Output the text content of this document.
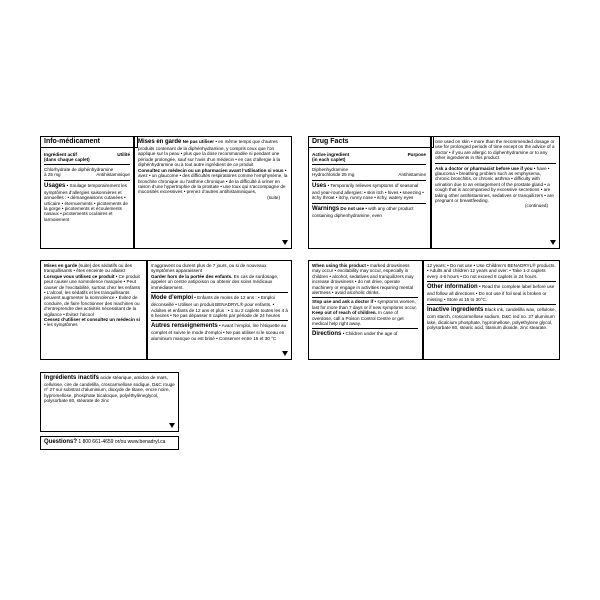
Info-médicament
Ingrédient actif	Utilité

(dans chaque caplet)

Chlorhydrate de diphénhydramine

à 25 mg	Antihistaminique

Usages • Soulage temporairement les symptômes d’allergies saisonnières et annuelles : • démangeaisons cutanées • urticaire • éternuements • picotements de la gorge • picotements et écoulements nasaux • picotements oculaires et larmoiement

Mises en garde Ne pas utiliser • en même temps que d’autres produits contenant de la diphénhydramine, y compris ceux que l’on applique sur la peau • plus que la dose recommandée ni pendant une période prolongée, sauf sur l’avis d’un médecin • en cas d’allergie à la diphénhydramine ou à tout autre ingrédient de ce produit

Consultez un médecin ou un pharmacien avant l’utilisation si vous • avez • un glaucome • des difficultés respiratoires comme l’emphysème, la bronchite chronique ou l’asthme chronique • de la difficulté à uriner en raison d’une hypertrophie de la prostate • une toux qui s’accompagne de mucosités excessives • prenez d’autres antihistaminiques,

(suite)

Drug Facts
Active ingredient	Purpose

(in each caplet)

Diphenhydramine

Hydrochloride 25 mg	Antihistamine

Uses • Temporarily relieves symptoms of seasonal and year-round allergies: • skin itch • hives • sneezing • itchy throat • itchy, runny nose • itchy, watery eyes

Warnings Do not use • with any other product containing diphenhydramine, even

one used on skin • more than the recommended dosage or use for prolonged periods of time except on the advice of a doctor • if you are allergic to diphenhydramine or to any other ingredients in this product

Ask a doctor or pharmacist before use if you • have • glaucoma • breathing problem such as emphysema, chronic bronchitis, or chronic asthma • difficulty with urination due to an enlargement of the prostate gland • a cough that is accompanied by excessive secretions • are taking other antihistamines, sedatives or tranquilizers • are pregnant or breastfeeding.

(continued)

Mises en garde (suite) des sédatifs ou des tranquillisants • êtes enceinte ou allaitez

Lorsque vous utilisez ce produit • Ce produit peut causer une somnolence marquée • Peut causer de l’excitabilité, surtout chez les enfants • L’alcool, les sédatifs et les tranquillisants peuvent augmenter la somnolence • Évitez de conduire, de faire fonctionner des machines ou d’entreprendre des activités nécessitant de la vigilance • Évitez l’alcool

Cessez d’utiliser et consultez un médecin si • les symptômes

s’aggravent ou durent plus de 7 jours, ou si de nouveaux symptômes apparaissent

Garder hors de la portée des enfants. En cas de surdosage, appeler un centre antipoison ou obtenir des soins médicaux immédiatement.

Mode d’emploi • Enfants de moins de 12 ans : • Emploi déconseillé • Utiliser un produit BENADRYL® pour enfants. • Adultes et enfants de 12 ans et plus : • 1 ou 2 caplets toutes les 4 à 6 heures • Ne pas dépasser 8 caplets par période de 24 heures

Autres renseignements • Avant l’emploi, lire l’étiquette au complet et suivre le mode d’emploi • Ne pas utiliser si le sceau en aluminium manque ou est brisé • Conserver entre 15 et 30 °C

When using this product • marked drowsiness may occur • excitability may occur, especially in children • alcohol, sedatives and tranquilizers may increase drowsiness • do not drive, operate machinery or engage in activities requiring mental alertness • avoid alcoholic drinks.

Stop use and ask a doctor if • symptoms worsen, last for more than 7 days or if new symptoms occur.

Keep out of reach of children. In case of overdose, call a Poison Control Centre or get medical help right away.

Directions • Children under the age of

12 years: • Do not use • Use Children’s BENADRYL® products. • Adults and children 12 years and over: • Take 1-2 caplets every 4-6 hours • Do not exceed 8 caplets in 24 hours.

Other information • Read the complete label before use and follow all directions • Do not use if foil seal is broken or missing • Store at 15 to 30°C.

Inactive ingredients Black ink, candelilla wax, cellulose, corn starch, croscarmellose sodium, D&C red no. 27 aluminum lake, dicalcium phosphate, hypromellose, polyethylene glycol, polysorbate 80, stearic acid, titanium dioxide, zinc stearate.

Ingrédients inactifs acide stéarique, amidon de maïs, cellulose, cire de candelilla, croscarmellose sodique, D&C rouge nº 27 sur substrat d’aluminium, dioxyde de titane, encre noire, hypromellose, phosphate bicalcique, polyéthylèneglycol, polysorbate 80, stéarate de zinc

Questions? 1 800 661-4659 or/ou www.benadryl.ca
